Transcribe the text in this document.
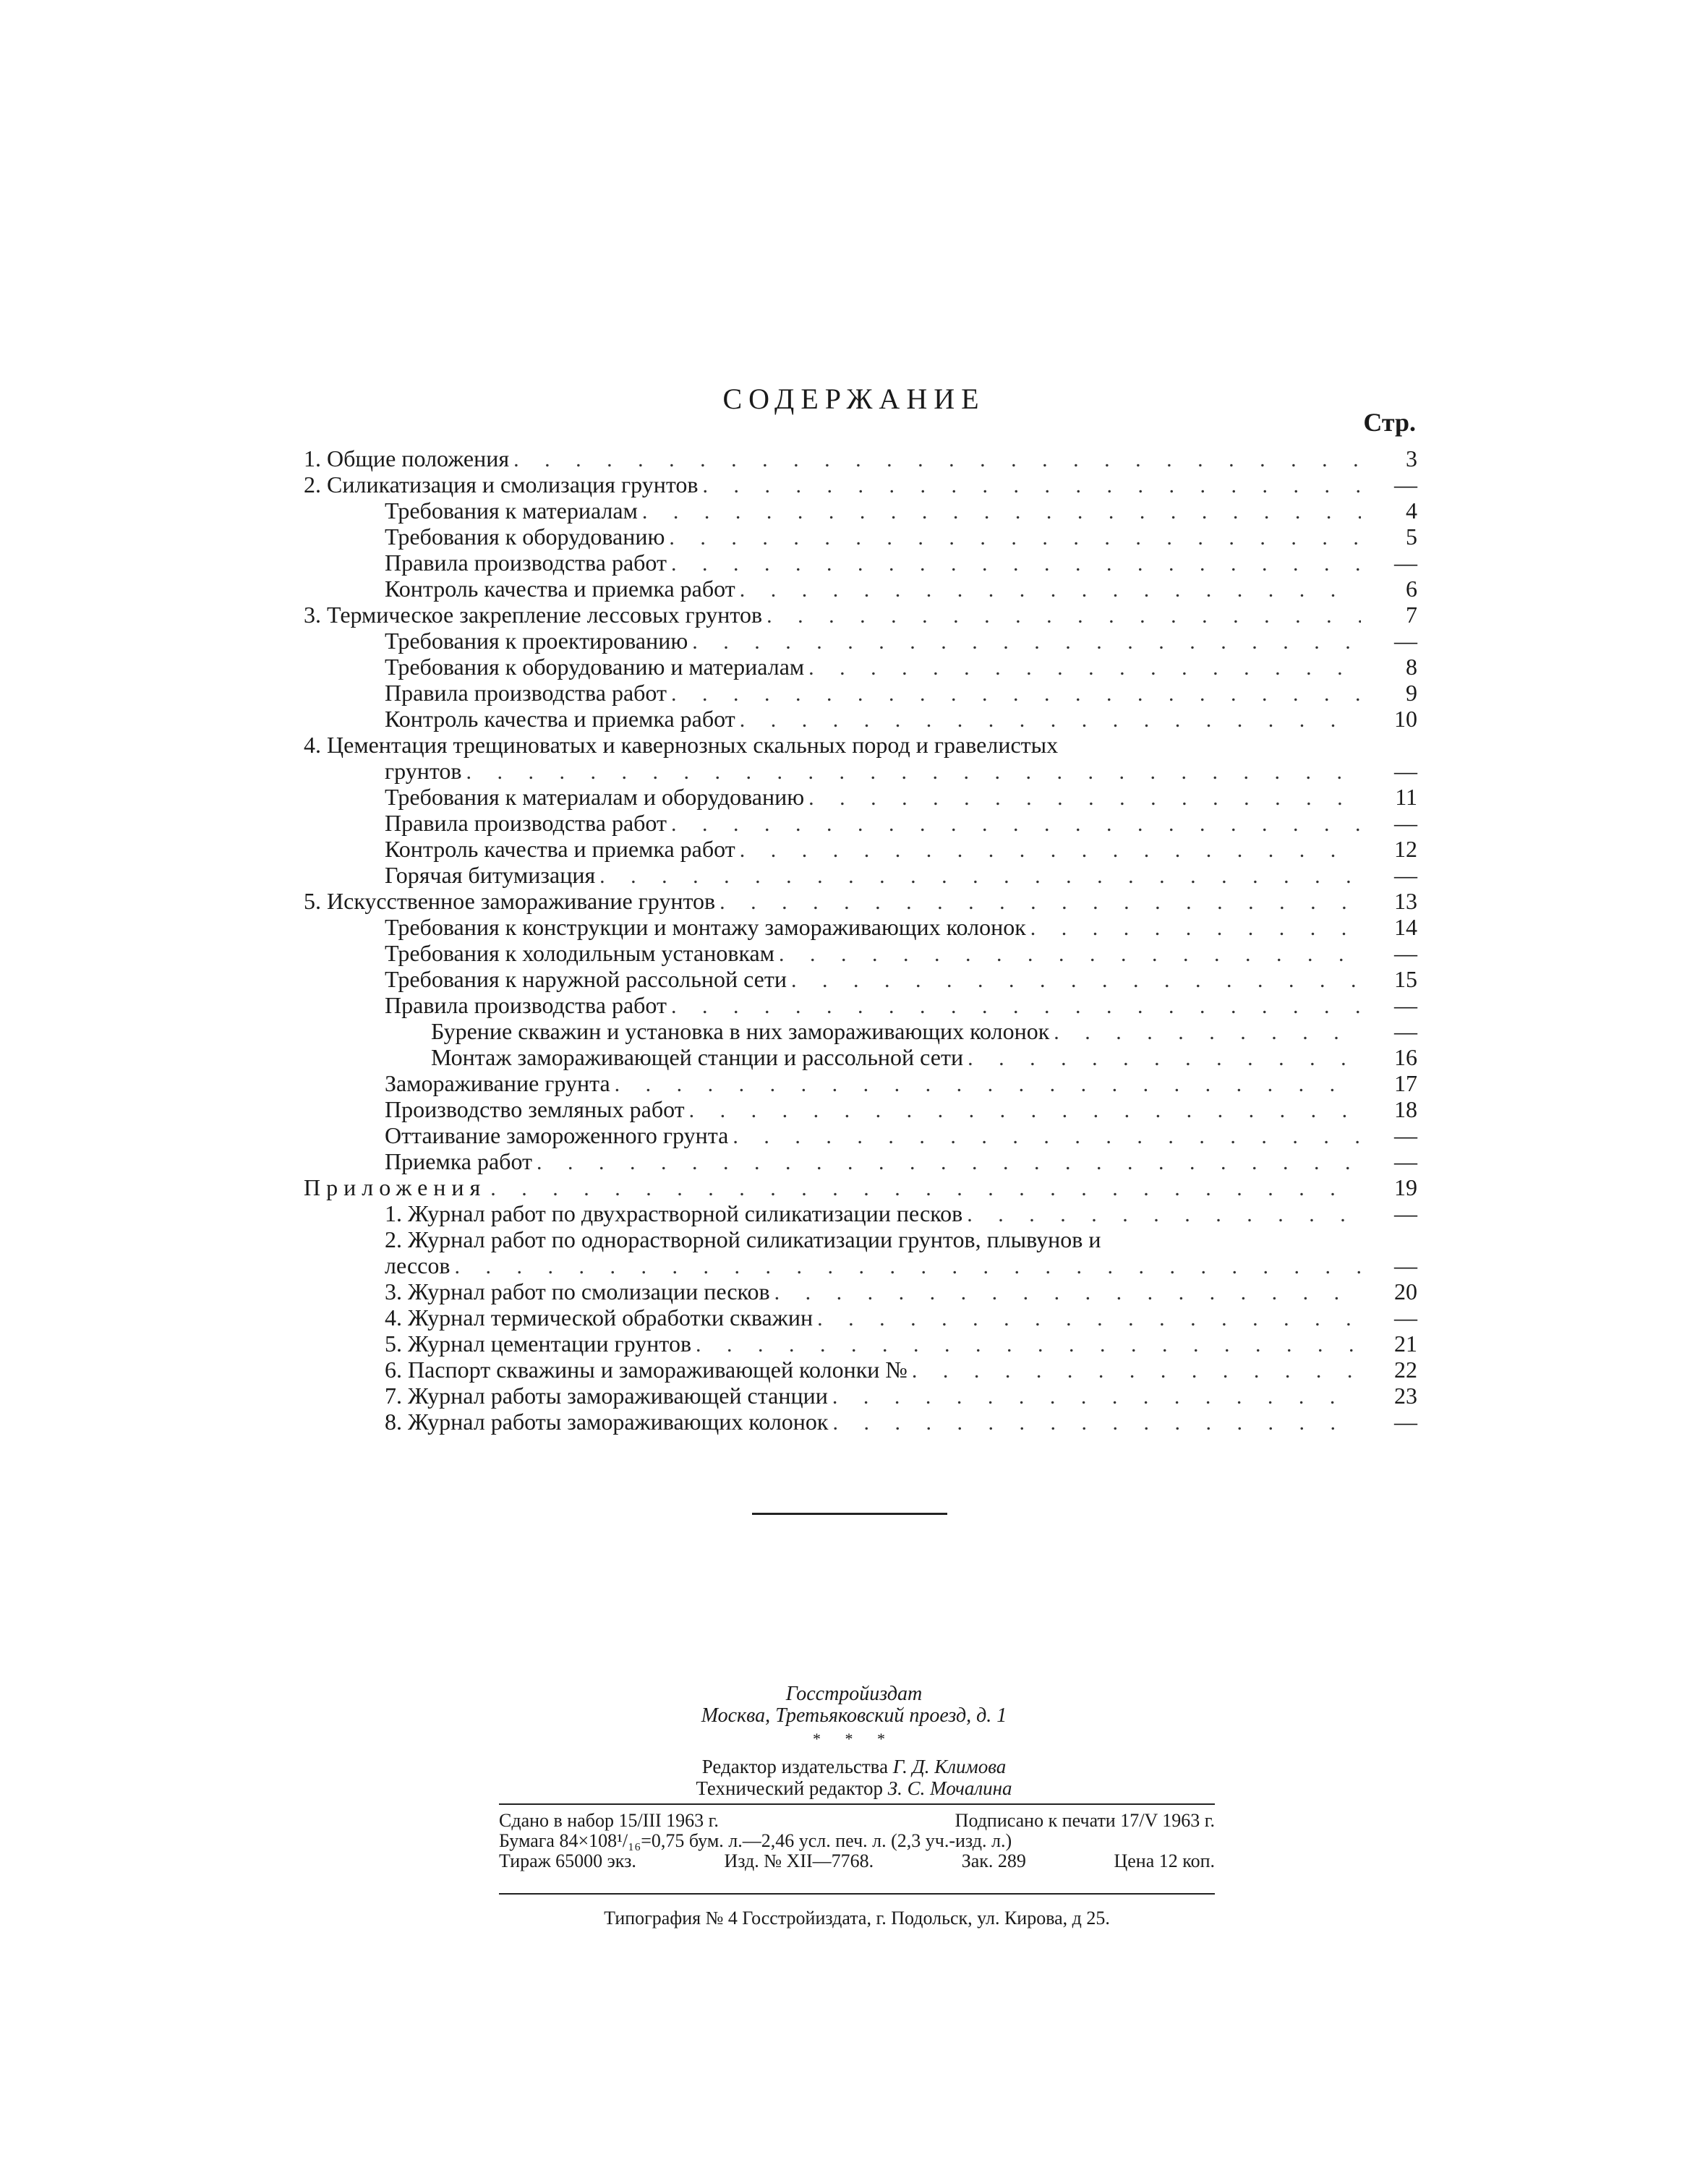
СОДЕРЖАНИЕ
Стр.
1. Общие положения . . .	3
2. Силикатизация и смолизация грунтов . . .	—
Требования к материалам . . .	4
Требования к оборудованию . . .	5
Правила производства работ . . .	—
Контроль качества и приемка работ . . .	6
3. Термическое закрепление лессовых грунтов . . .	7
Требования к проектированию . . .	—
Требования к оборудованию и материалам . . .	8
Правила производства работ . . .	9
Контроль качества и приемка работ . . .	10
4. Цементация трещиноватых и кавернозных скальных пород и гравелистых
грунтов . . .	—
Требования к материалам и оборудованию . . .	11
Правила производства работ . . .	—
Контроль качества и приемка работ . . .	12
Горячая битумизация . . .	—
5. Искусственное замораживание грунтов . . .	13
Требования к конструкции и монтажу замораживающих колонок . . .	14
Требования к холодильным установкам . . .	—
Требования к наружной рассольной сети . . .	15
Правила производства работ . . .	—
Бурение скважин и установка в них замораживающих колонок . . .	—
Монтаж замораживающей станции и рассольной сети . . .	16
Замораживание грунта . . .	17
Производство земляных работ . . .	18
Оттаивание замороженного грунта . . .	—
Приемка работ . . .	—
Приложения . . .	19
1. Журнал работ по двухрастворной силикатизации песков . . .	—
2. Журнал работ по однорастворной силикатизации грунтов, плывунов и
лессов . . .	—
3. Журнал работ по смолизации песков . . .	20
4. Журнал термической обработки скважин . . .	—
5. Журнал цементации грунтов . . .	21
6. Паспорт скважины и замораживающей колонки № . . .	22
7. Журнал работы замораживающей станции . . .	23
8. Журнал работы замораживающих колонок . . .	—
Госстройиздат
Москва, Третьяковский проезд, д. 1
* * *
Редактор издательства Г. Д. Климова
Технический редактор З. С. Мочалина
Сдано в набор 15/III 1963 г.	Подписано к печати 17/V 1963 г.
Бумага 84×108¹/₁₆=0,75 бум. л.—2,46 усл. печ. л. (2,3 уч.-изд. л.)
Тираж 65000 экз.	Изд. № XII—7768.	Зак. 289	Цена 12 коп.
Типография № 4 Госстройиздата, г. Подольск, ул. Кирова, д 25.
